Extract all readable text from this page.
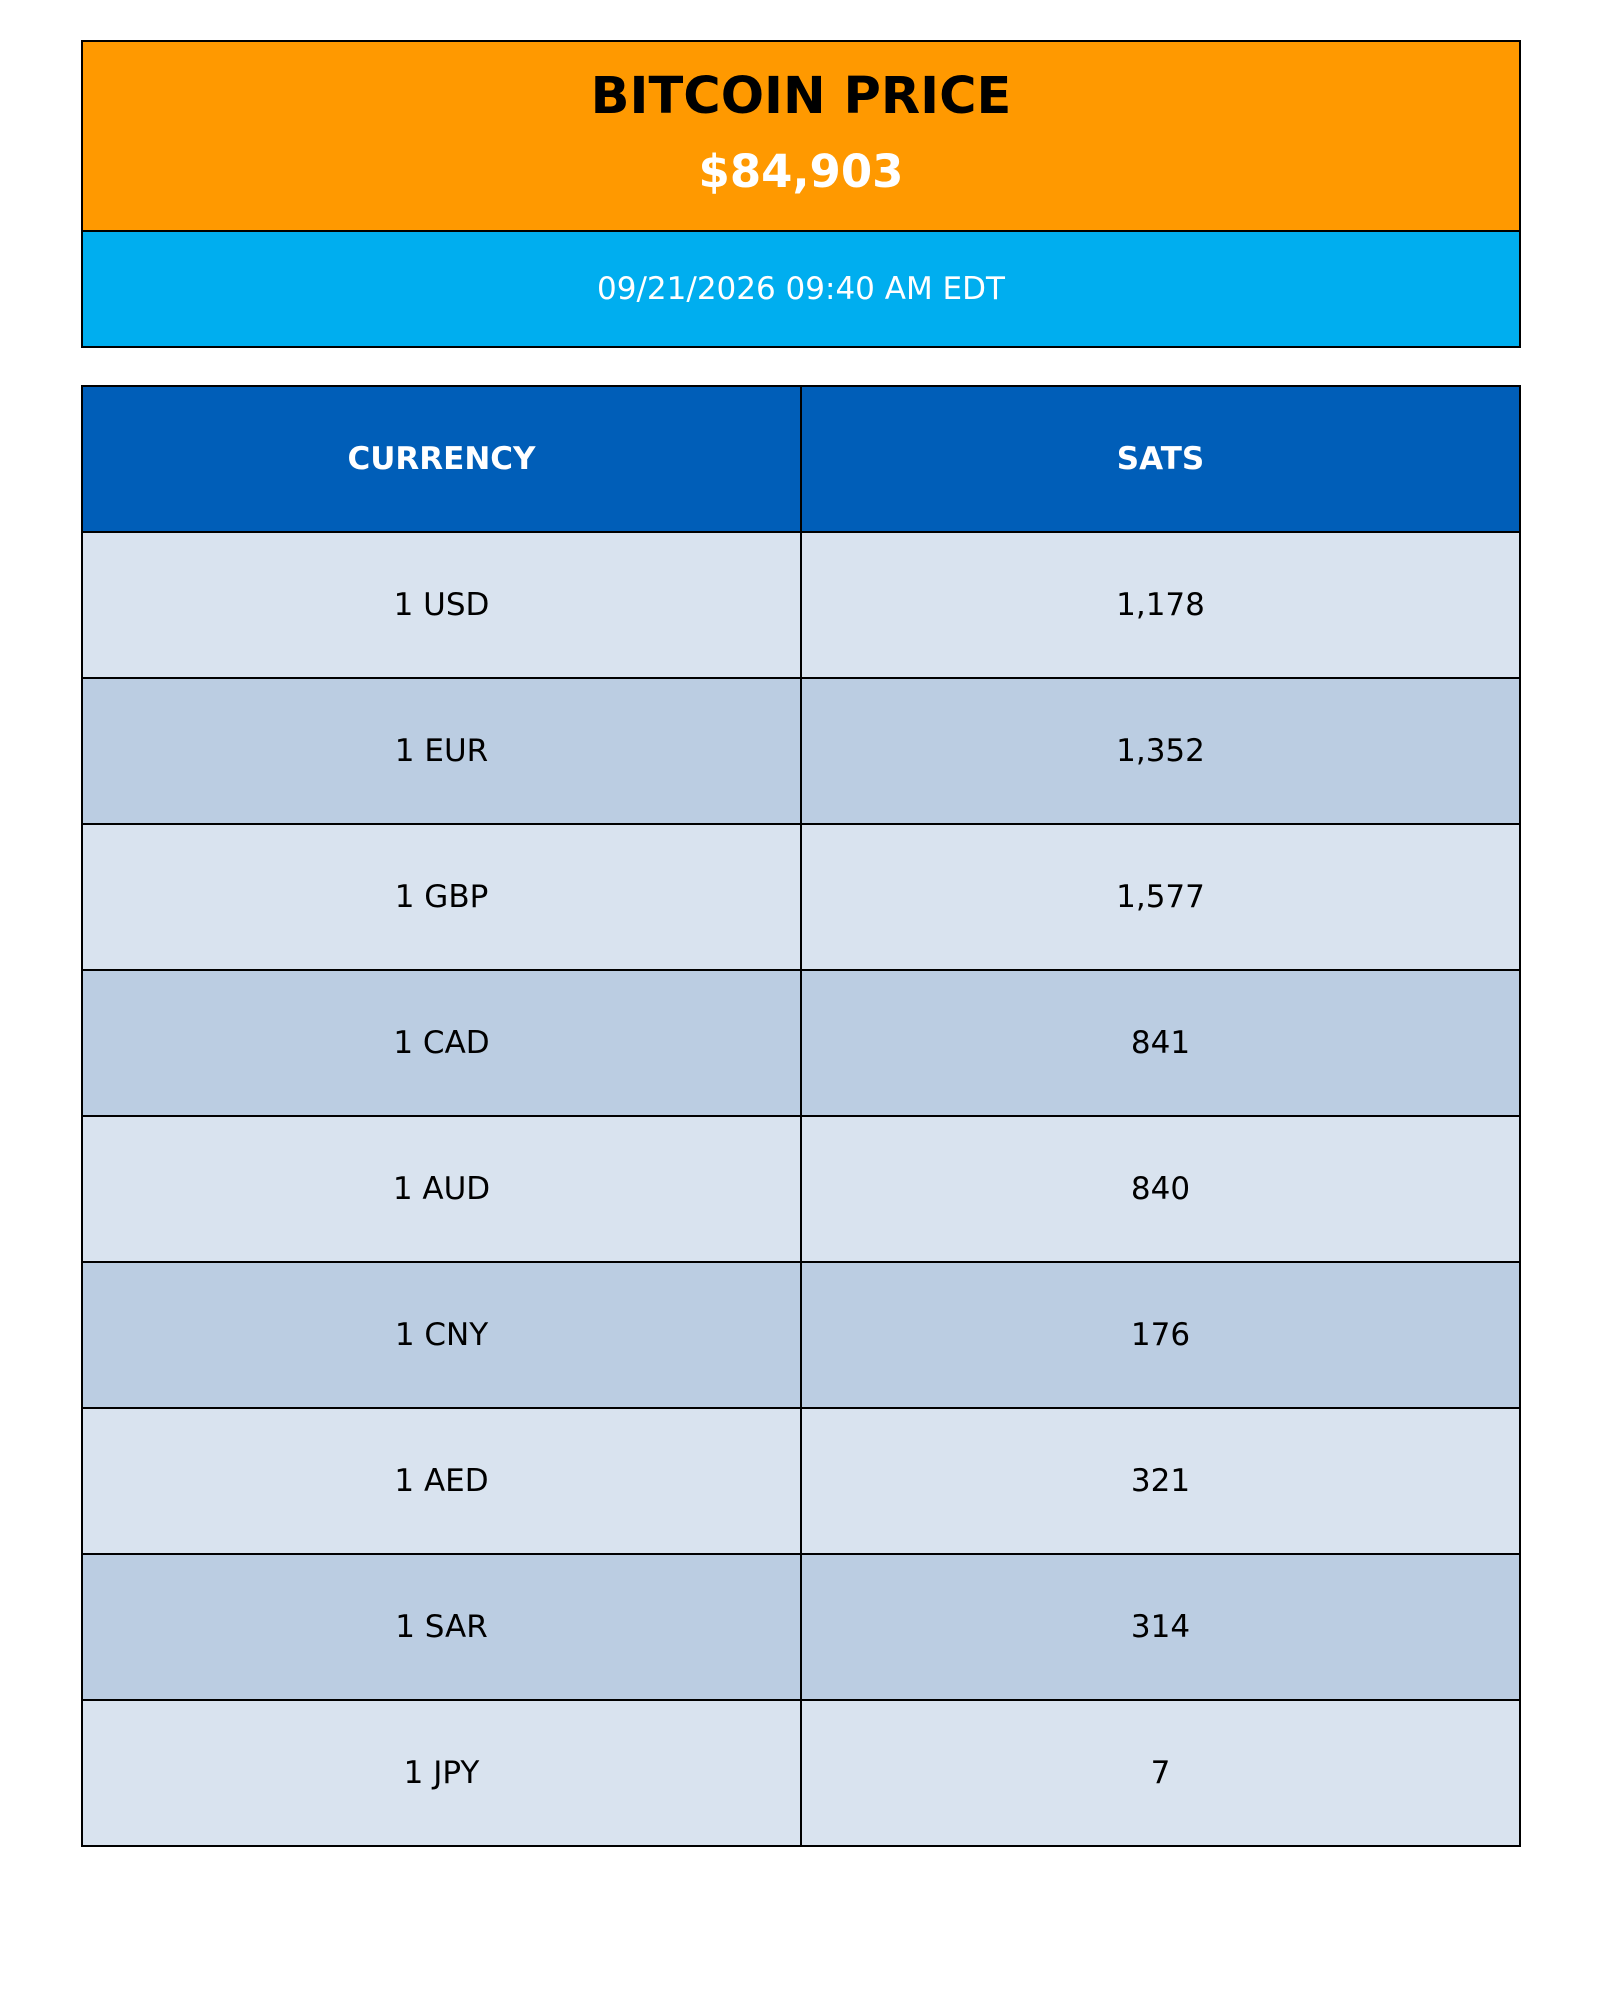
BITCOIN PRICE
$84,903
09/21/2026 09:40 AM EDT
CURRENCY	SATS
1 USD	1,178
1 EUR	1,352
1 GBP	1,577
1 CAD	841
1 AUD	840
1 CNY	176
1 AED	321
1 SAR	314
1 JPY	7
